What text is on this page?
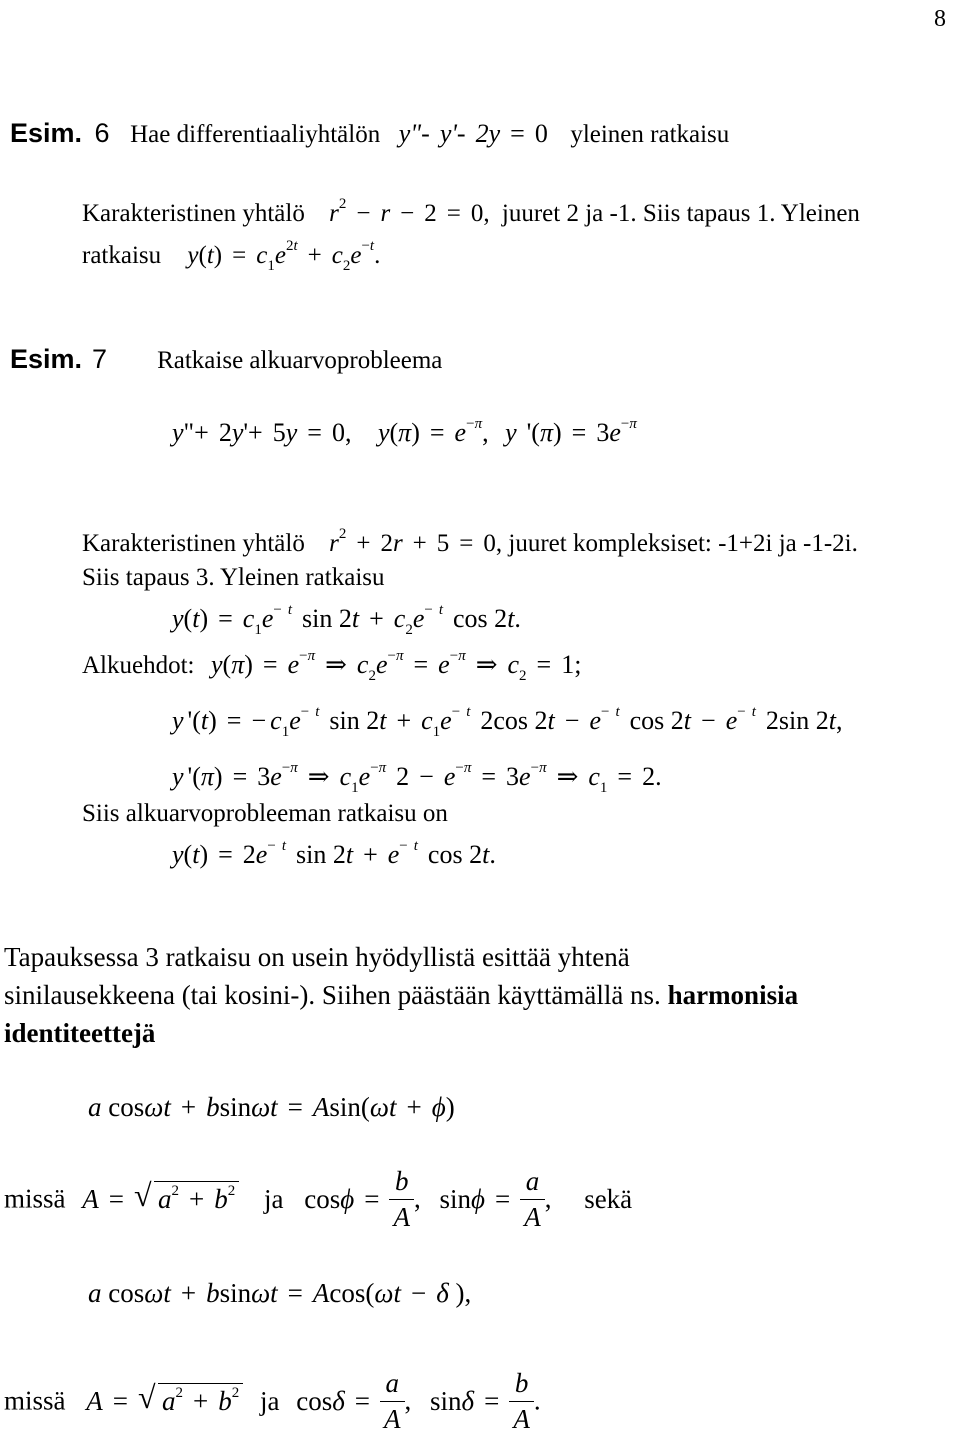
8
Esim. 6 Hae differentiaaliyhtälön y"- y'- 2y = 0 yleinen ratkaisu
Karakteristinen yhtälö $r^2 - r - 2 = 0$, juuret 2 ja -1. Siis tapaus 1. Yleinen
ratkaisu $y(t) = c_1e^{2t} + c_2e^{-t}$.
Esim. 7 Ratkaise alkuarvoprobleema
y"+ 2y'+ 5y = 0, $y(\pi) = e^{-\pi}$, y '$(\pi) = 3e^{-\pi}$
Karakteristinen yhtälö $r^2 + 2r + 5 = 0$, juuret kompleksiset: -1+2i ja -1-2i.
Siis tapaus 3. Yleinen ratkaisu
$y(t) = c_1e^{- t}$ $\sin 2t + c_2e^{- t}$ cos 2t.
Alkuehdot: $y(\pi) = e^{-\pi}$ ⇒ $c_2e^{-\pi} = e^{-\pi}$ ⇒ $c_2 = 1$;
y '(t) = − $c_1e^{- t}$ $\sin 2t + c_1e^{- t}$ 2cos $2t - e^{- t}$ $\cos 2t - e^{- t}$ 2sin 2t,
y '$(\pi) = 3e^{-\pi}$ ⇒ $c_1e^{-\pi}$ $2 - e^{-\pi} = 3e^{-\pi}$ ⇒ $c_1 = 2$.
Siis alkuarvoprobleeman ratkaisu on
$y(t) = 2e^{- t}$ $\sin 2t + e^{- t}$ cos 2t.
Tapauksessa 3 ratkaisu on usein hyödyllistä esittää yhtenä
sinilausekkeena (tai kosini-). Siihen päästään käyttämällä ns. harmonisia
identiteettejä
a cosωt + bsinωt = Asin(ωt + ϕ)
missä A = √ $a^2 + b^2$ ja $\cos\phi = \frac{b}{A}$ , $\sin\phi = \frac{a}{A}$ , sekä
a cosωt + bsinωt = Acos(ωt − δ ),
missä A = √ $a^2 + b^2$ ja $\cos\delta = \frac{a}{A}$ , $\sin\delta = \frac{b}{A}$ .
